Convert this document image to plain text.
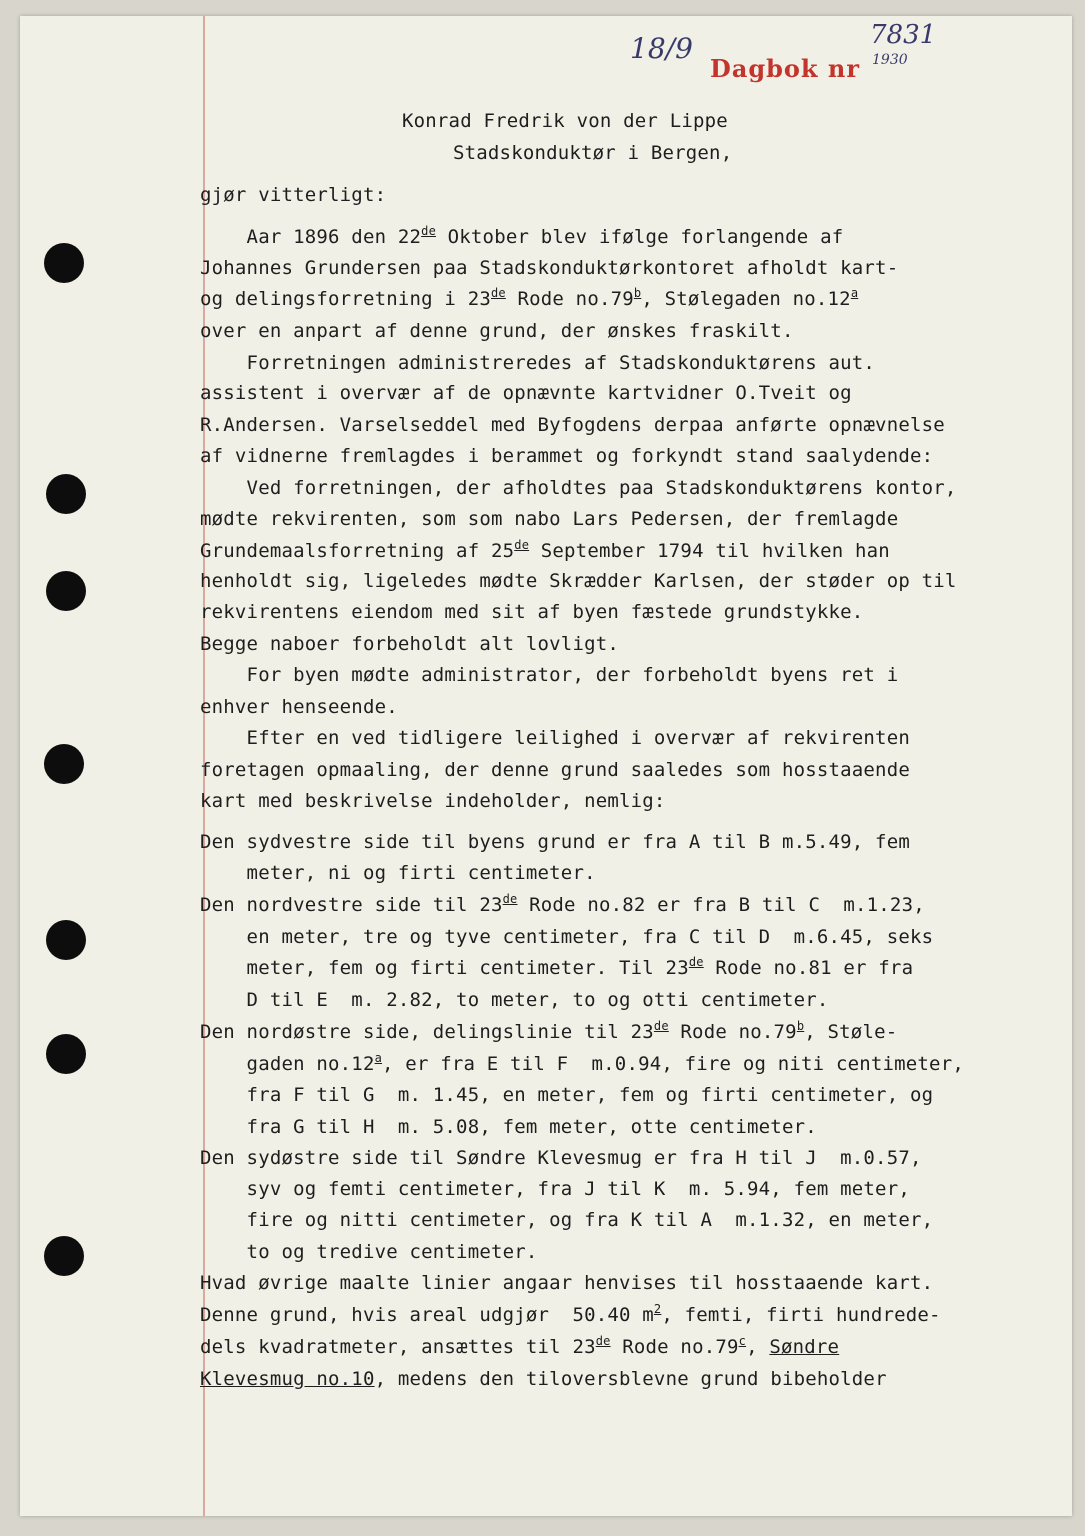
18/9
Dagbok nr
7831
1930
Konrad Fredrik von der Lippe
Stadskonduktør i Bergen,
gjør vitterligt:
Aar 1896 den 22de Oktober blev ifølge forlangende af
Johannes Grundersen paa Stadskonduktørkontoret afholdt kart-
og delingsforretning i 23de Rode no.79$^b$, Stølegaden no.12$^a$
over en anpart af denne grund, der ønskes fraskilt.
Forretningen administreredes af Stadskonduktørens aut.
assistent i overvær af de opnævnte kartvidner O.Tveit og
R.Andersen. Varselseddel med Byfogdens derpaa anførte opnævnelse
af vidnerne fremlagdes i berammet og forkyndt stand saalydende:
Ved forretningen, der afholdtes paa Stadskonduktørens kontor,
mødte rekvirenten, som som nabo Lars Pedersen, der fremlagde
Grundemaalsforretning af 25de September 1794 til hvilken han
henholdt sig, ligeledes mødte Skrædder Karlsen, der støder op til
rekvirentens eiendom med sit af byen fæstede grundstykke.
Begge naboer forbeholdt alt lovligt.
For byen mødte administrator, der forbeholdt byens ret i
enhver henseende.
Efter en ved tidligere leilighed i overvær af rekvirenten
foretagen opmaaling, der denne grund saaledes som hosstaaende
kart med beskrivelse indeholder, nemlig:
Den sydvestre side til byens grund er fra A til B m.5.49, fem
meter, ni og firti centimeter.
Den nordvestre side til 23de Rode no.82 er fra B til C  m.1.23,
en meter, tre og tyve centimeter, fra C til D  m.6.45, seks
meter, fem og firti centimeter. Til 23de Rode no.81 er fra
D til E  m. 2.82, to meter, to og otti centimeter.
Den nordøstre side, delingslinie til 23de Rode no.79$^b$, Støle-
gaden no.12$^a$, er fra E til F  m.0.94, fire og niti centimeter,
fra F til G  m. 1.45, en meter, fem og firti centimeter, og
fra G til H  m. 5.08, fem meter, otte centimeter.
Den sydøstre side til Søndre Klevesmug er fra H til J  m.0.57,
syv og femti centimeter, fra J til K  m. 5.94, fem meter,
fire og nitti centimeter, og fra K til A  m.1.32, en meter,
to og tredive centimeter.
Hvad øvrige maalte linier angaar henvises til hosstaaende kart.
Denne grund, hvis areal udgjør  50.40 $m^2$, femti, firti hundrede-
dels kvadratmeter, ansættes til 23de Rode no.79$^c$, Søndre
Klevesmug no.10, medens den tiloversblevne grund bibeholder
